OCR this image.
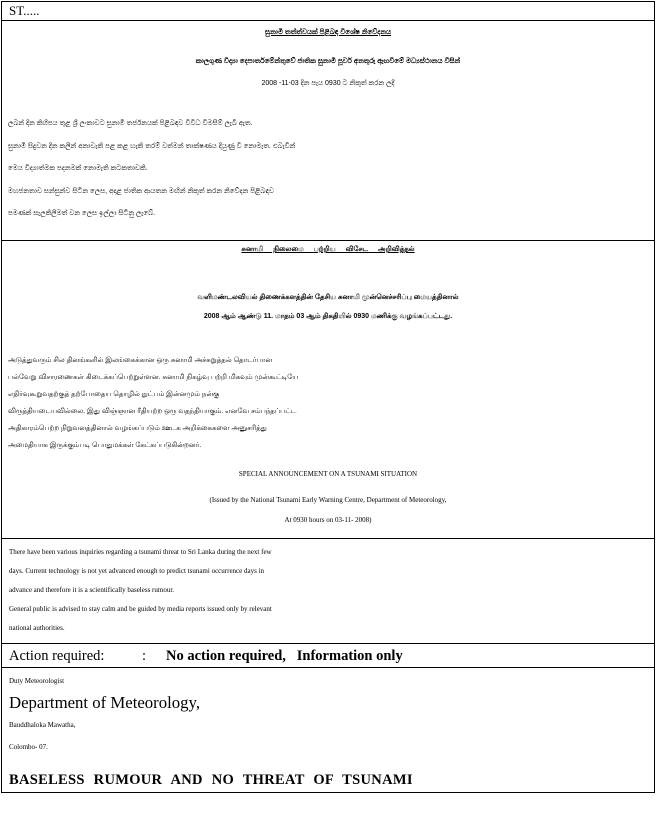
ST.....
සුනාමි තත්ත්වයක් පිළිබඳ විශේෂ නිවේදනය
කාලගුණ විද්‍යා දෙපාර්තමේන්තුවේ ජාතික සුනාමි පූර්ව අනතුරු ඇඟවීමේ මධ්‍යස්ථානය විසින්
2008 -11-03 දින පැය 0930 ට නිකුත් කරන ලදී
ලබන් දින කිහිපය තුළ ශ්‍රී ලංකාවට සුනාමි තර්ජනයක් පිළිබඳව විවිධ විමසීම් ලැබී ඇත.
සුනාමි සිදුවන දින කලින් අනාවැකි පළ කළ හැකි තරම් වත්මන් තාක්ෂණය දියුණු වී නොමැත. එබැවින්
මෙය විද්‍යාත්මක පදනමක් නොමැති කටකතාවකි.
මහජනතාව සන්සුන්ව සිටින ලෙස, අදාළ ජාතික ආයතන මඟින් නිකුත් කරන නිවේදන පිළිබඳව
පමණක් සැලකිලිමත් වන ලෙස ඉල්ලා සිටිනු ලැබේ.
சுனாமி நிலைமை பற்றிய விசேட அறிவித்தல்
வளிமண்டலவியல் திணைக்களத்தின் தேசிய சுனாமி முன்னெச்சரிப்பு மையத்தினால்
2008 ஆம் ஆண்டு 11. மாதம் 03 ஆம் திகதியில் 0930 மணிக்கு வழங்கப்பட்டது.
அடுத்துவரும் சில தினங்களில் இலங்கைக்கான ஒரு சுனாமி அச்சுறுத்தல் தொடர்பான
பல்வேறு விசாரணைகள் கிடைக்கப்பெற்றுள்ளன. சுனாமி நிகழ்வு பற்றி மிகவும் முன்கூட்டியே
எதிர்வுகூறுவதற்குத் தற்போதைய தொழில் நுட்பம் இன்னமும் நன்கு
விருத்தியடையவில்லை. இது விஞ்ஞான ரீதியற்ற ஒரு வதந்தியாகும். எனவே சம்பந்தப்பட்ட
அதிகாரம்பெற்ற நிறுவனத்தினால் வழங்கப்படும் ஊடக அறிக்கைகளை அனுசரித்து
அமைதியாக இருக்கும்படி பொதுமக்கள் கேட்கப்படுகின்றனர்.
SPECIAL ANNOUNCEMENT ON A TSUNAMI SITUATION
(Issued by the National Tsunami Early Warning Centre, Department of Meteorology,
At 0930 hours on 03-11- 2008)
There have been various inquiries regarding a tsunami threat to Sri Lanka during the next few
days. Current technology is not yet advanced enough to predict tsunami occurrence days in
advance and therefore it is a scientifically baseless rumour.
General public is advised to stay calm and be guided by media reports issued only by relevant
national authorities.
Action required:	: No action required,   Information only
Duty Meteorologist
Department of Meteorology,
Bauddhaloka Mawatha,
Colombo- 07.
BASELESS RUMOUR AND NO THREAT OF TSUNAMI
